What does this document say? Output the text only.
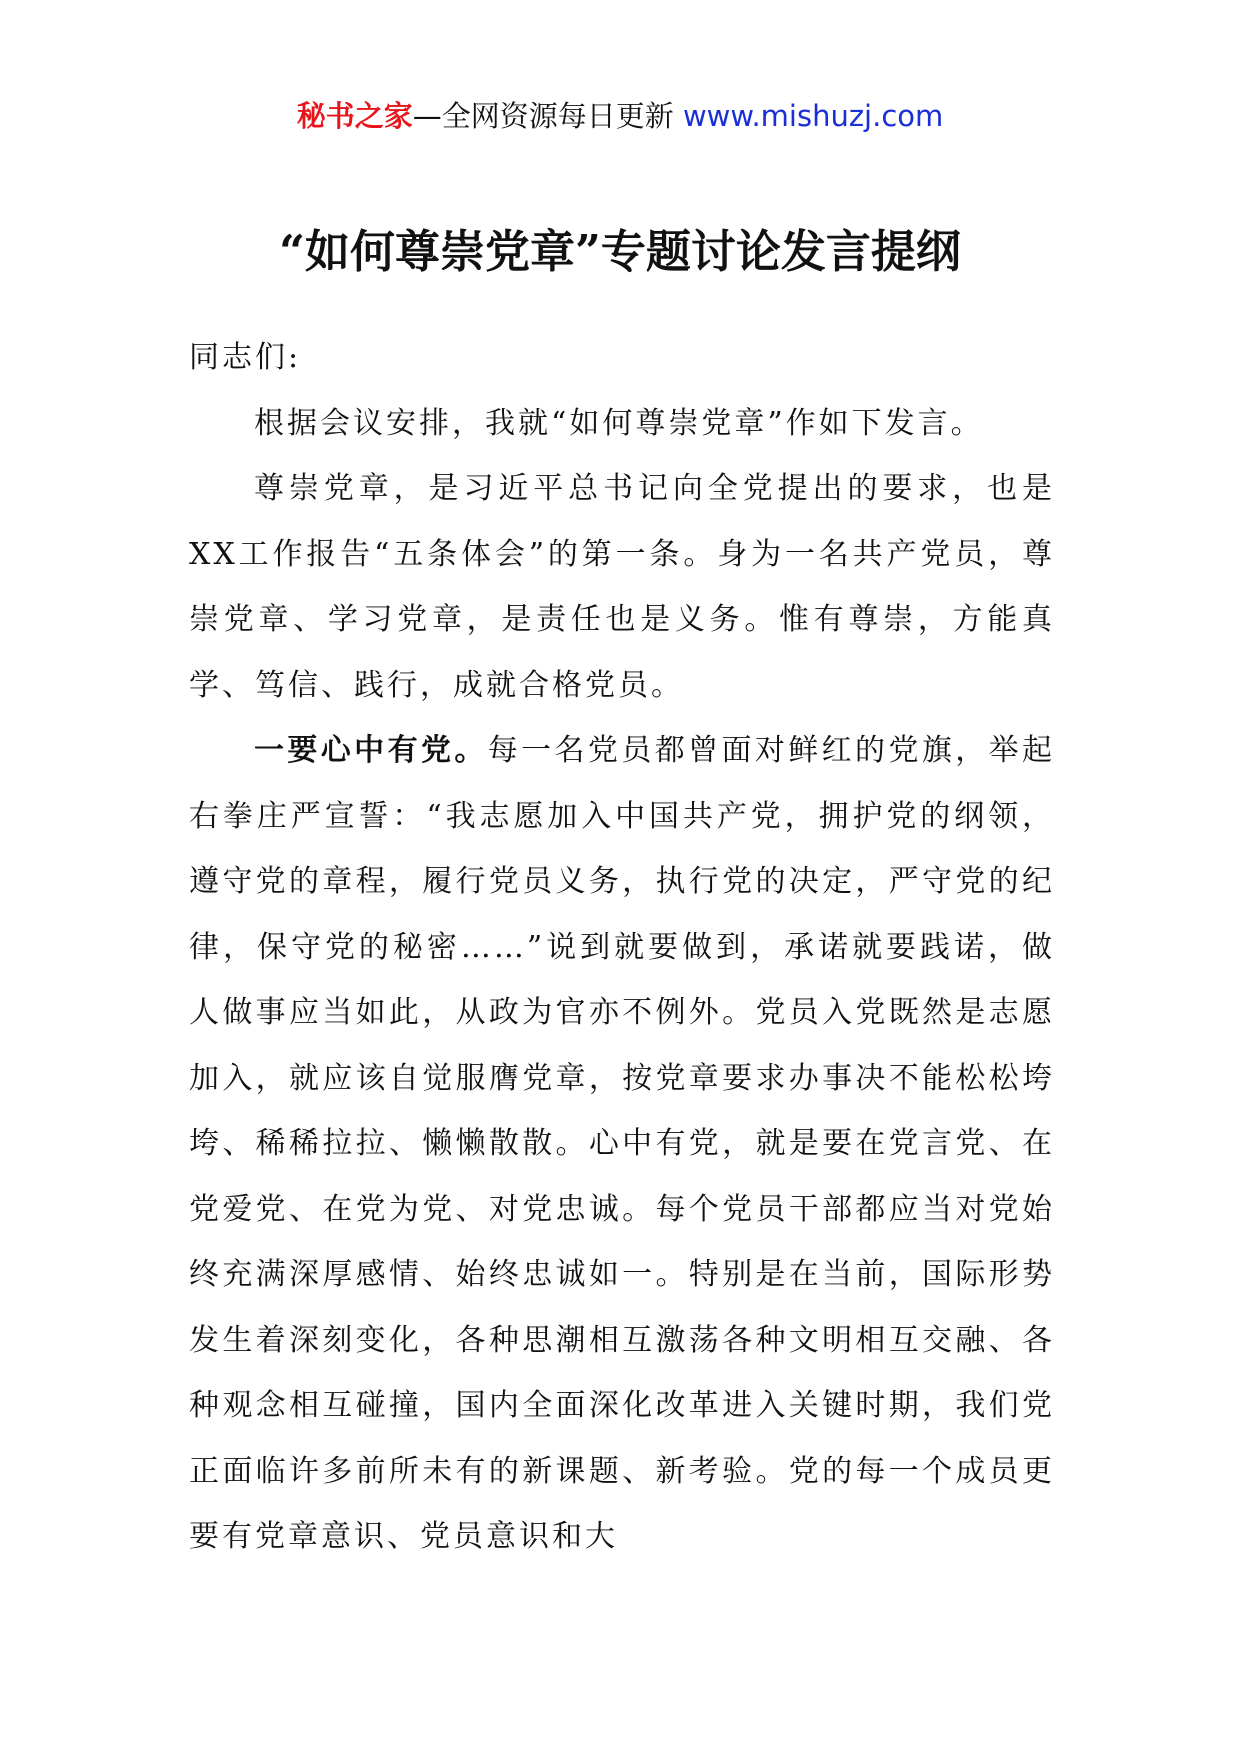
秘书之家—全网资源每日更新 www.mishuzj.com
“如何尊崇党章”专题讨论发言提纲

同志们:

根据会议安排，我就“如何尊崇党章”作如下发言。

尊崇党章，是习近平总书记向全党提出的要求，也是XX工作报告“五条体会”的第一条。身为一名共产党员，尊崇党章、学习党章，是责任也是义务。惟有尊崇，方能真学、笃信、践行，成就合格党员。

一要心中有党。每一名党员都曾面对鲜红的党旗，举起右拳庄严宣誓：“我志愿加入中国共产党，拥护党的纲领，遵守党的章程，履行党员义务，执行党的决定，严守党的纪律，保守党的秘密……”说到就要做到，承诺就要践诺，做人做事应当如此，从政为官亦不例外。党员入党既然是志愿加入，就应该自觉服膺党章，按党章要求办事决不能松松垮垮、稀稀拉拉、懒懒散散。心中有党，就是要在党言党、在党爱党、在党为党、对党忠诚。每个党员干部都应当对党始终充满深厚感情、始终忠诚如一。特别是在当前，国际形势发生着深刻变化，各种思潮相互激荡各种文明相互交融、各种观念相互碰撞，国内全面深化改革进入关键时期，我们党正面临许多前所未有的新课题、新考验。党的每一个成员更要有党章意识、党员意识和大
